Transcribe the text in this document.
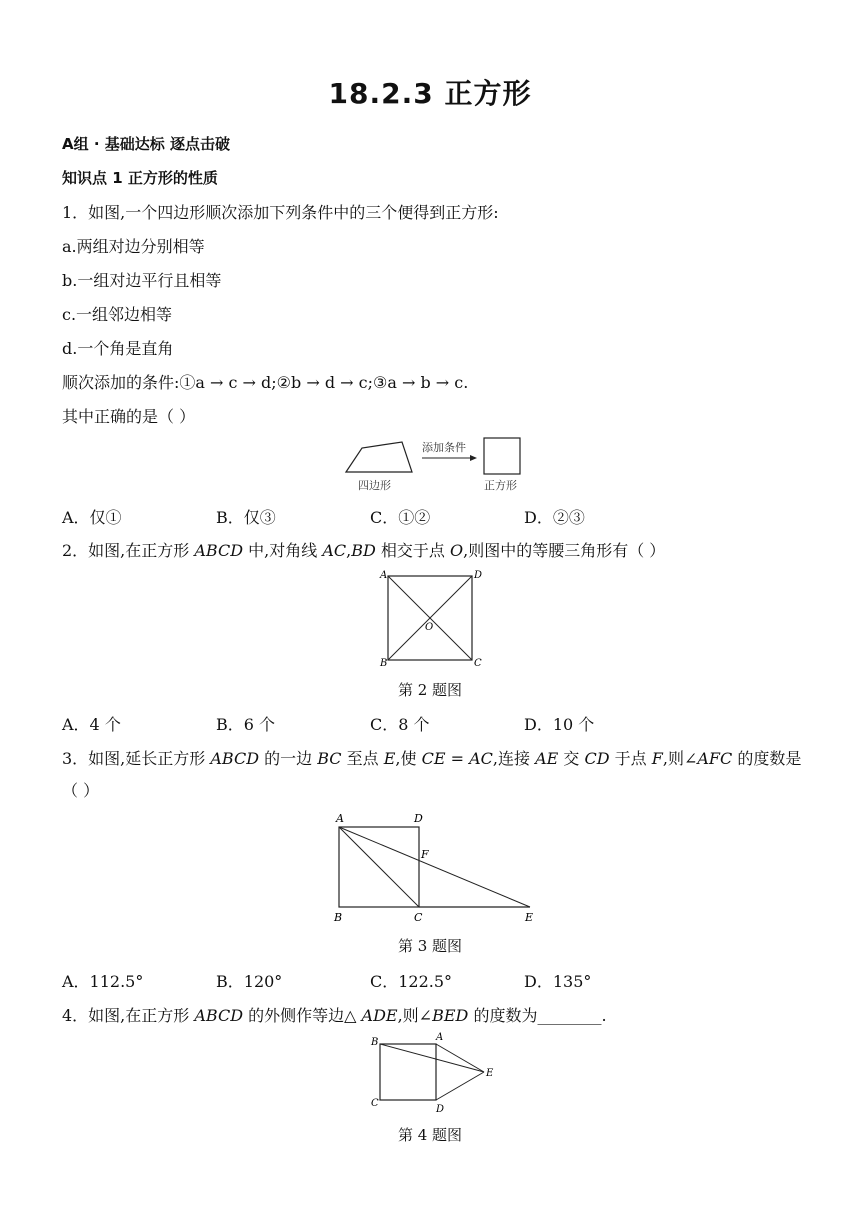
18.2.3 正方形
A组 · 基础达标 逐点击破
知识点 1 正方形的性质
1．如图,一个四边形顺次添加下列条件中的三个便得到正方形:
a.两组对边分别相等
b.一组对边平行且相等
c.一组邻边相等
d.一个角是直角
顺次添加的条件:①a → c → d;②b → d → c;③a → b → c.
其中正确的是（ ）
添加条件
四边形	正方形
A．仅①	B．仅③	C．①②	D．②③
2．如图,在正方形 ABCD 中,对角线 AC,BD 相交于点 O,则图中的等腰三角形有（ ）
A	D
B	C
O
第 2 题图
A．4 个	B．6 个	C．8 个	D．10 个
3．如图,延长正方形 ABCD 的一边 BC 至点 E,使 CE = AC,连接 AE 交 CD 于点 F,则∠AFC 的度数是
（ ）
A	D
F
B	C	E
第 3 题图
A．112.5°	B．120°	C．122.5°	D．135°
4．如图,在正方形 ABCD 的外侧作等边△ ADE,则∠BED 的度数为________.
B	A
E
C
D
第 4 题图
